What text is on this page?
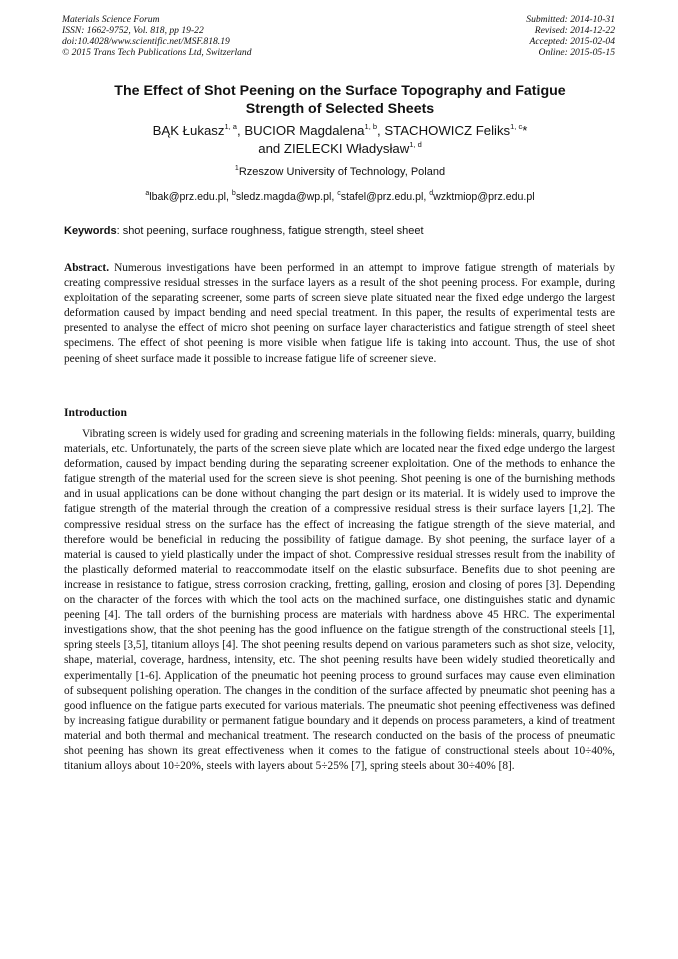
Materials Science Forum
ISSN: 1662-9752, Vol. 818, pp 19-22
doi:10.4028/www.scientific.net/MSF.818.19
© 2015 Trans Tech Publications Ltd, Switzerland
Submitted: 2014-10-31
Revised: 2014-12-22
Accepted: 2015-02-04
Online: 2015-05-15
The Effect of Shot Peening on the Surface Topography and Fatigue
Strength of Selected Sheets
BĄK Łukasz$^{1, a}$, BUCIOR Magdalena$^{1, b}$, STACHOWICZ Feliks$^{1, c}$*
and ZIELECKI Władysław$^{1, d}$
$^1$Rzeszow University of Technology, Poland
$^a$lbak@prz.edu.pl, $^b$sledz.magda@wp.pl, $^c$stafel@prz.edu.pl, $^d$wzktmiop@prz.edu.pl
Keywords: shot peening, surface roughness, fatigue strength, steel sheet
Abstract. Numerous investigations have been performed in an attempt to improve fatigue strength of materials by creating compressive residual stresses in the surface layers as a result of the shot peening process. For example, during exploitation of the separating screener, some parts of screen sieve plate situated near the fixed edge undergo the largest deformation caused by impact bending and need special treatment. In this paper, the results of experimental tests are presented to analyse the effect of micro shot peening on surface layer characteristics and fatigue strength of steel sheet specimens. The effect of shot peening is more visible when fatigue life is taking into account. Thus, the use of shot peening of sheet surface made it possible to increase fatigue life of screener sieve.
Introduction
Vibrating screen is widely used for grading and screening materials in the following fields: minerals, quarry, building materials, etc. Unfortunately, the parts of the screen sieve plate which are located near the fixed edge undergo the largest deformation, caused by impact bending during the separating screener exploitation. One of the methods to enhance the fatigue strength of the material used for the screen sieve is shot peening. Shot peening is one of the burnishing methods and in usual applications can be done without changing the part design or its material. It is widely used to improve the fatigue strength of the material through the creation of a compressive residual stress is their surface layers [1,2]. The compressive residual stress on the surface has the effect of increasing the fatigue strength of the sieve material, and therefore would be beneficial in reducing the possibility of fatigue damage. By shot peening, the surface layer of a material is caused to yield plastically under the impact of shot. Compressive residual stresses result from the inability of the plastically deformed material to reaccommodate itself on the elastic subsurface. Benefits due to shot peening are increase in resistance to fatigue, stress corrosion cracking, fretting, galling, erosion and closing of pores [3]. Depending on the character of the forces with which the tool acts on the machined surface, one distinguishes static and dynamic peening [4]. The tall orders of the burnishing process are materials with hardness above 45 HRC. The experimental investigations show, that the shot peening has the good influence on the fatigue strength of the constructional steels [1], spring steels [3,5], titanium alloys [4]. The shot peening results depend on various parameters such as shot size, velocity, shape, material, coverage, hardness, intensity, etc. The shot peening results have been widely studied theoretically and experimentally [1-6]. Application of the pneumatic hot peening process to ground surfaces may cause even elimination of subsequent polishing operation. The changes in the condition of the surface affected by pneumatic shot peening has a good influence on the fatigue parts executed for various materials. The pneumatic shot peening effectiveness was defined by increasing fatigue durability or permanent fatigue boundary and it depends on process parameters, a kind of treatment material and both thermal and mechanical treatment. The research conducted on the basis of the process of pneumatic shot peening has shown its great effectiveness when it comes to the fatigue of constructional steels about 10÷40%, titanium alloys about 10÷20%, steels with layers about 5÷25% [7], spring steels about 30÷40% [8].
